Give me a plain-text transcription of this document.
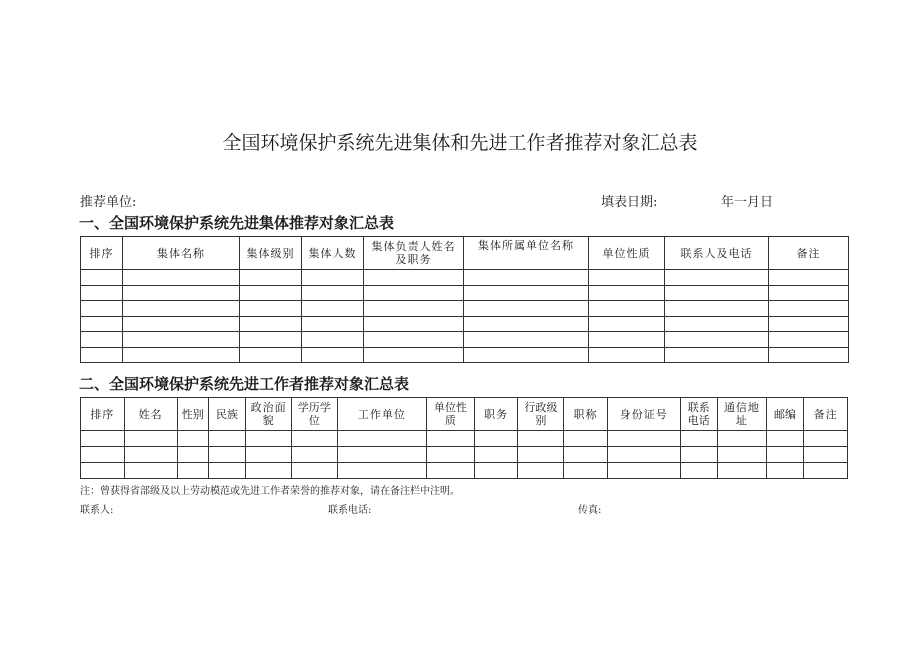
全国环境保护系统先进集体和先进工作者推荐对象汇总表
推荐单位:	填表日期:	年一月日
一、全国环境保护系统先进集体推荐对象汇总表
排序	集体名称	集体级别	集体人数	集体负责人姓名及职务	集体所属单位名称	单位性质	联系人及电话	备注

二、全国环境保护系统先进工作者推荐对象汇总表
排序	姓名	性别	民族	政治面貌	学历学位	工作单位	单位性质	职务	行政级别	职称	身份证号	联系电话	通信地址	邮编	备注

注：曾获得省部级及以上劳动模范或先进工作者荣誉的推荐对象，请在备注栏中注明。
联系人:	联系电话:	传真:
